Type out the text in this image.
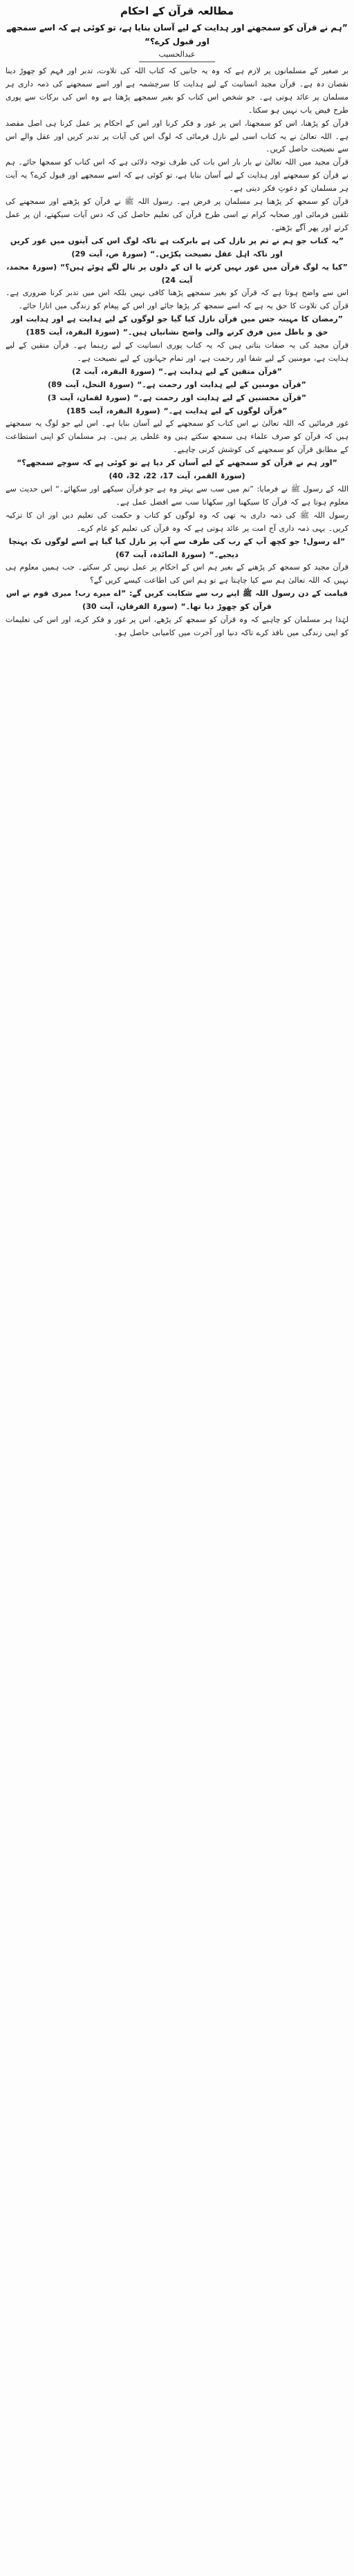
مطالعہ قرآن کے احکام
”ہم نے قرآن کو سمجھنے اور ہدایت کے لیے آسان بنایا ہے، تو کوئی ہے کہ اسے سمجھے اور قبول کرے؟“
عبدالحسیب

بر صغیر کے مسلمانوں پر لازم ہے کہ وہ یہ جانیں کہ کتاب اللہ کی تلاوت، تدبر اور فہم کو چھوڑ دینا نقصان دہ ہے۔ قرآن مجید انسانیت کے لیے ہدایت کا سرچشمہ ہے اور اسے سمجھنے کی ذمہ داری ہر مسلمان پر عائد ہوتی ہے۔ جو شخص اس کتاب کو بغیر سمجھے پڑھتا ہے وہ اس کی برکات سے پوری طرح فیض یاب نہیں ہو سکتا۔

قرآن کو پڑھنا، اس کو سمجھنا، اس پر غور و فکر کرنا اور اس کے احکام پر عمل کرنا ہی اصل مقصد ہے۔ اللہ تعالیٰ نے یہ کتاب اسی لیے نازل فرمائی کہ لوگ اس کی آیات پر تدبر کریں اور عقل والے اس سے نصیحت حاصل کریں۔

قرآن مجید میں اللہ تعالیٰ نے بار بار اس بات کی طرف توجہ دلائی ہے کہ اس کتاب کو سمجھا جائے۔ ہم نے قرآن کو سمجھنے اور ہدایت کے لیے آسان بنایا ہے، تو کوئی ہے کہ اسے سمجھے اور قبول کرے؟ یہ آیت ہر مسلمان کو دعوتِ فکر دیتی ہے۔

قرآن کو سمجھ کر پڑھنا ہر مسلمان پر فرض ہے۔ رسول اللہ ﷺ نے قرآن کو پڑھنے اور سمجھنے کی تلقین فرمائی اور صحابہ کرام نے اسی طرح قرآن کی تعلیم حاصل کی کہ دس آیات سیکھتے، ان پر عمل کرتے اور پھر آگے بڑھتے۔

”یہ کتاب جو ہم نے تم پر نازل کی ہے بابرکت ہے تاکہ لوگ اس کی آیتوں میں غور کریں اور تاکہ اہل عقل نصیحت پکڑیں۔“ (سورۃ ص، آیت 29)

”کیا یہ لوگ قرآن میں غور نہیں کرتے یا ان کے دلوں پر تالے لگے ہوئے ہیں؟“ (سورۃ محمد، آیت 24)

اس سے واضح ہوتا ہے کہ قرآن کو بغیر سمجھے پڑھنا کافی نہیں بلکہ اس میں تدبر کرنا ضروری ہے۔ قرآن کی تلاوت کا حق یہ ہے کہ اسے سمجھ کر پڑھا جائے اور اس کے پیغام کو زندگی میں اتارا جائے۔

”رمضان کا مہینہ جس میں قرآن نازل کیا گیا جو لوگوں کے لیے ہدایت ہے اور ہدایت اور حق و باطل میں فرق کرنے والی واضح نشانیاں ہیں۔“ (سورۃ البقرہ، آیت 185)

قرآن مجید کی یہ صفات بتاتی ہیں کہ یہ کتاب پوری انسانیت کے لیے رہنما ہے۔ قرآن متقین کے لیے ہدایت ہے، مومنین کے لیے شفا اور رحمت ہے، اور تمام جہانوں کے لیے نصیحت ہے۔

”قرآن متقین کے لیے ہدایت ہے۔“ (سورۃ البقرہ، آیت 2)

”قرآن مومنین کے لیے ہدایت اور رحمت ہے۔“ (سورۃ النحل، آیت 89)

”قرآن محسنین کے لیے ہدایت اور رحمت ہے۔“ (سورۃ لقمان، آیت 3)

”قرآن لوگوں کے لیے ہدایت ہے۔“ (سورۃ البقرہ، آیت 185)

غور فرمائیں کہ اللہ تعالیٰ نے اس کتاب کو سمجھنے کے لیے آسان بنایا ہے۔ اس لیے جو لوگ یہ سمجھتے ہیں کہ قرآن کو صرف علماء ہی سمجھ سکتے ہیں وہ غلطی پر ہیں۔ ہر مسلمان کو اپنی استطاعت کے مطابق قرآن کو سمجھنے کی کوشش کرنی چاہیے۔

”اور ہم نے قرآن کو سمجھنے کے لیے آسان کر دیا ہے تو کوئی ہے کہ سوچے سمجھے؟“ (سورۃ القمر، آیت 17، 22، 32، 40)

اللہ کے رسول ﷺ نے فرمایا: ”تم میں سب سے بہتر وہ ہے جو قرآن سیکھے اور سکھائے۔“ اس حدیث سے معلوم ہوتا ہے کہ قرآن کا سیکھنا اور سکھانا سب سے افضل عمل ہے۔

رسول اللہ ﷺ کی ذمہ داری یہ تھی کہ وہ لوگوں کو کتاب و حکمت کی تعلیم دیں اور ان کا تزکیہ کریں۔ یہی ذمہ داری آج امت پر عائد ہوتی ہے کہ وہ قرآن کی تعلیم کو عام کرے۔

”اے رسول! جو کچھ آپ کے رب کی طرف سے آپ پر نازل کیا گیا ہے اسے لوگوں تک پہنچا دیجیے۔“ (سورۃ المائدہ، آیت 67)

قرآن مجید کو سمجھ کر پڑھنے کے بغیر ہم اس کے احکام پر عمل نہیں کر سکتے۔ جب ہمیں معلوم ہی نہیں کہ اللہ تعالیٰ ہم سے کیا چاہتا ہے تو ہم اس کی اطاعت کیسے کریں گے؟

قیامت کے دن رسول اللہ ﷺ اپنے رب سے شکایت کریں گے: ”اے میرے رب! میری قوم نے اس قرآن کو چھوڑ دیا تھا۔“ (سورۃ الفرقان، آیت 30)

لہٰذا ہر مسلمان کو چاہیے کہ وہ قرآن کو سمجھ کر پڑھے، اس پر غور و فکر کرے، اور اس کی تعلیمات کو اپنی زندگی میں نافذ کرے تاکہ دنیا اور آخرت میں کامیابی حاصل ہو۔
